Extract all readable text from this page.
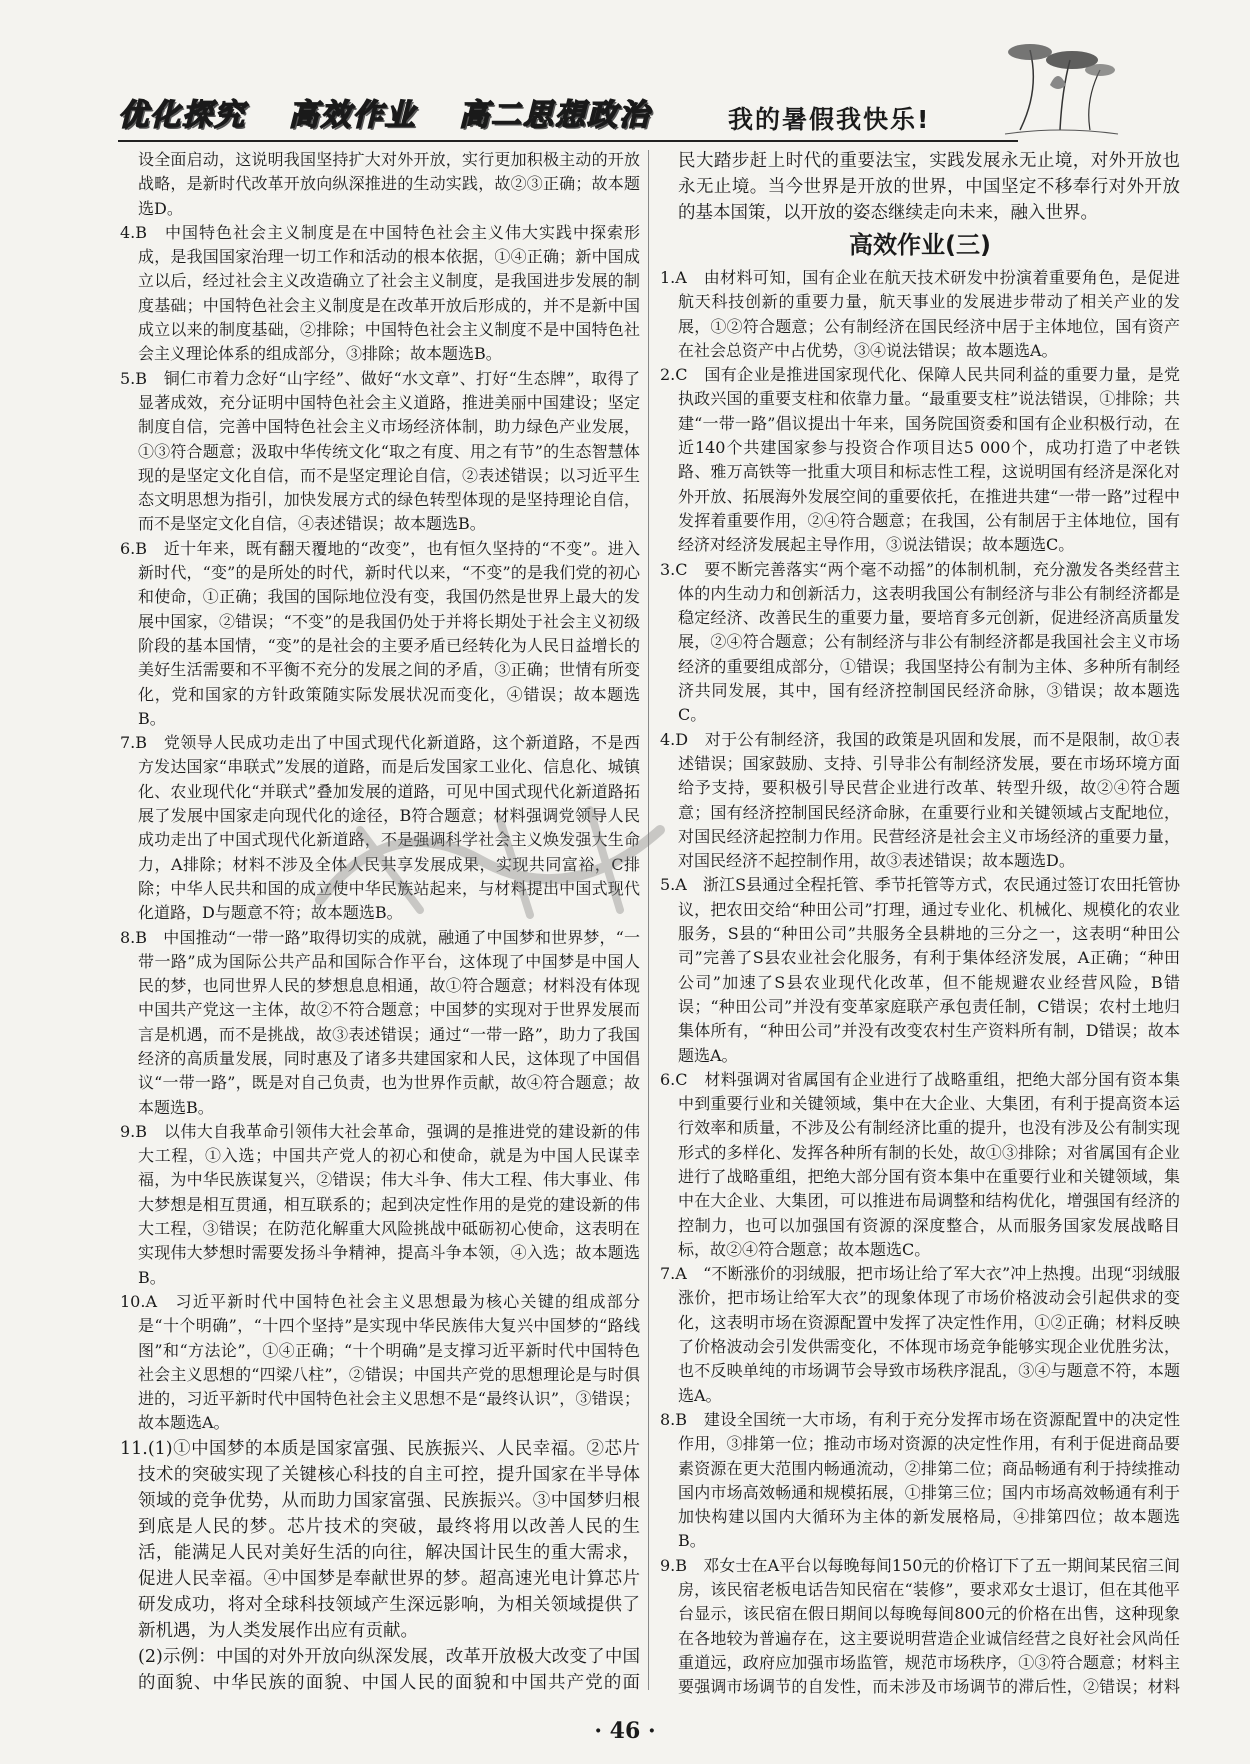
优化探究 高效作业 高二思想政治	我的暑假我快乐!

设全面启动，这说明我国坚持扩大对外开放，实行更加积极主动的开放战略，是新时代改革开放向纵深推进的生动实践，故②③正确；故本题选D。

4.B　中国特色社会主义制度是在中国特色社会主义伟大实践中探索形成，是我国国家治理一切工作和活动的根本依据，①④正确；新中国成立以后，经过社会主义改造确立了社会主义制度，是我国进步发展的制度基础；中国特色社会主义制度是在改革开放后形成的，并不是新中国成立以来的制度基础，②排除；中国特色社会主义制度不是中国特色社会主义理论体系的组成部分，③排除；故本题选B。

5.B　铜仁市着力念好“山字经”、做好“水文章”、打好“生态牌”，取得了显著成效，充分证明中国特色社会主义道路，推进美丽中国建设；坚定制度自信，完善中国特色社会主义市场经济体制，助力绿色产业发展，①③符合题意；汲取中华传统文化“取之有度、用之有节”的生态智慧体现的是坚定文化自信，而不是坚定理论自信，②表述错误；以习近平生态文明思想为指引，加快发展方式的绿色转型体现的是坚持理论自信，而不是坚定文化自信，④表述错误；故本题选B。

6.B　近十年来，既有翻天覆地的“改变”，也有恒久坚持的“不变”。进入新时代，“变”的是所处的时代，新时代以来，“不变”的是我们党的初心和使命，①正确；我国的国际地位没有变，我国仍然是世界上最大的发展中国家，②错误；“不变”的是我国仍处于并将长期处于社会主义初级阶段的基本国情，“变”的是社会的主要矛盾已经转化为人民日益增长的美好生活需要和不平衡不充分的发展之间的矛盾，③正确；世情有所变化，党和国家的方针政策随实际发展状况而变化，④错误；故本题选B。

7.B　党领导人民成功走出了中国式现代化新道路，这个新道路，不是西方发达国家“串联式”发展的道路，而是后发国家工业化、信息化、城镇化、农业现代化“并联式”叠加发展的道路，可见中国式现代化新道路拓展了发展中国家走向现代化的途径，B符合题意；材料强调党领导人民成功走出了中国式现代化新道路，不是强调科学社会主义焕发强大生命力，A排除；材料不涉及全体人民共享发展成果，实现共同富裕，C排除；中华人民共和国的成立使中华民族站起来，与材料提出中国式现代化道路，D与题意不符；故本题选B。

8.B　中国推动“一带一路”取得切实的成就，融通了中国梦和世界梦，“一带一路”成为国际公共产品和国际合作平台，这体现了中国梦是中国人民的梦，也同世界人民的梦想息息相通，故①符合题意；材料没有体现中国共产党这一主体，故②不符合题意；中国梦的实现对于世界发展而言是机遇，而不是挑战，故③表述错误；通过“一带一路”，助力了我国经济的高质量发展，同时惠及了诸多共建国家和人民，这体现了中国倡议“一带一路”，既是对自己负责，也为世界作贡献，故④符合题意；故本题选B。

9.B　以伟大自我革命引领伟大社会革命，强调的是推进党的建设新的伟大工程，①入选；中国共产党人的初心和使命，就是为中国人民谋幸福，为中华民族谋复兴，②错误；伟大斗争、伟大工程、伟大事业、伟大梦想是相互贯通，相互联系的；起到决定性作用的是党的建设新的伟大工程，③错误；在防范化解重大风险挑战中砥砺初心使命，这表明在实现伟大梦想时需要发扬斗争精神，提高斗争本领，④入选；故本题选B。

10.A　习近平新时代中国特色社会主义思想最为核心关键的组成部分是“十个明确”，“十四个坚持”是实现中华民族伟大复兴中国梦的“路线图”和“方法论”，①④正确；“十个明确”是支撑习近平新时代中国特色社会主义思想的“四梁八柱”，②错误；中国共产党的思想理论是与时俱进的，习近平新时代中国特色社会主义思想不是“最终认识”，③错误；故本题选A。

11.(1)①中国梦的本质是国家富强、民族振兴、人民幸福。②芯片技术的突破实现了关键核心科技的自主可控，提升国家在半导体领域的竞争优势，从而助力国家富强、民族振兴。③中国梦归根到底是人民的梦。芯片技术的突破，最终将用以改善人民的生活，能满足人民对美好生活的向往，解决国计民生的重大需求，促进人民幸福。④中国梦是奉献世界的梦。超高速光电计算芯片研发成功，将对全球科技领域产生深远影响，为相关领域提供了新机遇，为人类发展作出应有贡献。

(2)示例：中国的对外开放向纵深发展，改革开放极大改变了中国的面貌、中华民族的面貌、中国人民的面貌和中国共产党的面

民大踏步赶上时代的重要法宝，实践发展永无止境，对外开放也永无止境。当今世界是开放的世界，中国坚定不移奉行对外开放的基本国策，以开放的姿态继续走向未来，融入世界。

高效作业(三)

1.A　由材料可知，国有企业在航天技术研发中扮演着重要角色，是促进航天科技创新的重要力量，航天事业的发展进步带动了相关产业的发展，①②符合题意；公有制经济在国民经济中居于主体地位，国有资产在社会总资产中占优势，③④说法错误；故本题选A。

2.C　国有企业是推进国家现代化、保障人民共同利益的重要力量，是党执政兴国的重要支柱和依靠力量。“最重要支柱”说法错误，①排除；共建“一带一路”倡议提出十年来，国务院国资委和国有企业积极行动，在近140个共建国家参与投资合作项目达5 000个，成功打造了中老铁路、雅万高铁等一批重大项目和标志性工程，这说明国有经济是深化对外开放、拓展海外发展空间的重要依托，在推进共建“一带一路”过程中发挥着重要作用，②④符合题意；在我国，公有制居于主体地位，国有经济对经济发展起主导作用，③说法错误；故本题选C。

3.C　要不断完善落实“两个毫不动摇”的体制机制，充分激发各类经营主体的内生动力和创新活力，这表明我国公有制经济与非公有制经济都是稳定经济、改善民生的重要力量，要培育多元创新，促进经济高质量发展，②④符合题意；公有制经济与非公有制经济都是我国社会主义市场经济的重要组成部分，①错误；我国坚持公有制为主体、多种所有制经济共同发展，其中，国有经济控制国民经济命脉，③错误；故本题选C。

4.D　对于公有制经济，我国的政策是巩固和发展，而不是限制，故①表述错误；国家鼓励、支持、引导非公有制经济发展，要在市场环境方面给予支持，要积极引导民营企业进行改革、转型升级，故②④符合题意；国有经济控制国民经济命脉，在重要行业和关键领域占支配地位，对国民经济起控制力作用。民营经济是社会主义市场经济的重要力量，对国民经济不起控制作用，故③表述错误；故本题选D。

5.A　浙江S县通过全程托管、季节托管等方式，农民通过签订农田托管协议，把农田交给“种田公司”打理，通过专业化、机械化、规模化的农业服务，S县的“种田公司”共服务全县耕地的三分之一，这表明“种田公司”完善了S县农业社会化服务，有利于集体经济发展，A正确；“种田公司”加速了S县农业现代化改革，但不能规避农业经营风险，B错误；“种田公司”并没有变革家庭联产承包责任制，C错误；农村土地归集体所有，“种田公司”并没有改变农村生产资料所有制，D错误；故本题选A。

6.C　材料强调对省属国有企业进行了战略重组，把绝大部分国有资本集中到重要行业和关键领域，集中在大企业、大集团，有利于提高资本运行效率和质量，不涉及公有制经济比重的提升，也没有涉及公有制实现形式的多样化、发挥各种所有制的长处，故①③排除；对省属国有企业进行了战略重组，把绝大部分国有资本集中在重要行业和关键领域，集中在大企业、大集团，可以推进布局调整和结构优化，增强国有经济的控制力，也可以加强国有资源的深度整合，从而服务国家发展战略目标，故②④符合题意；故本题选C。

7.A　“不断涨价的羽绒服，把市场让给了军大衣”冲上热搜。出现“羽绒服涨价，把市场让给军大衣”的现象体现了市场价格波动会引起供求的变化，这表明市场在资源配置中发挥了决定性作用，①②正确；材料反映了价格波动会引发供需变化，不体现市场竞争能够实现企业优胜劣汰，也不反映单纯的市场调节会导致市场秩序混乱，③④与题意不符，本题选A。

8.B　建设全国统一大市场，有利于充分发挥市场在资源配置中的决定性作用，③排第一位；推动市场对资源的决定性作用，有利于促进商品要素资源在更大范围内畅通流动，②排第二位；商品畅通有利于持续推动国内市场高效畅通和规模拓展，①排第三位；国内市场高效畅通有利于加快构建以国内大循环为主体的新发展格局，④排第四位；故本题选B。

9.B　邓女士在A平台以每晚每间150元的价格订下了五一期间某民宿三间房，该民宿老板电话告知民宿在“装修”，要求邓女士退订，但在其他平台显示，该民宿在假日期间以每晚每间800元的价格在出售，这种现象在各地较为普遍存在，这主要说明营造企业诚信经营之良好社会风尚任重道远，政府应加强市场监管，规范市场秩序，①③符合题意；材料主要强调市场调节的自发性，而未涉及市场调节的滞后性，②错误；材料

· 46 ·
